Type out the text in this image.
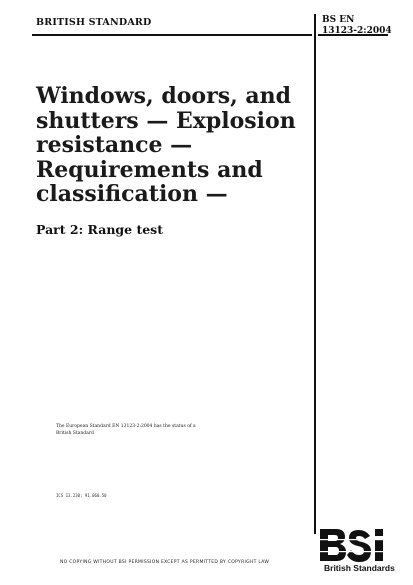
BRITISH STANDARD	BS EN
13123-2:2004
Windows, doors, and
shutters — Explosion
resistance —
Requirements and
classification —
Part 2: Range test
The European Standard EN 13123-2:2004 has the status of a
British Standard
ICS 13.230; 91.060.50
NO COPYING WITHOUT BSI PERMISSION EXCEPT AS PERMITTED BY COPYRIGHT LAW
British Standards
